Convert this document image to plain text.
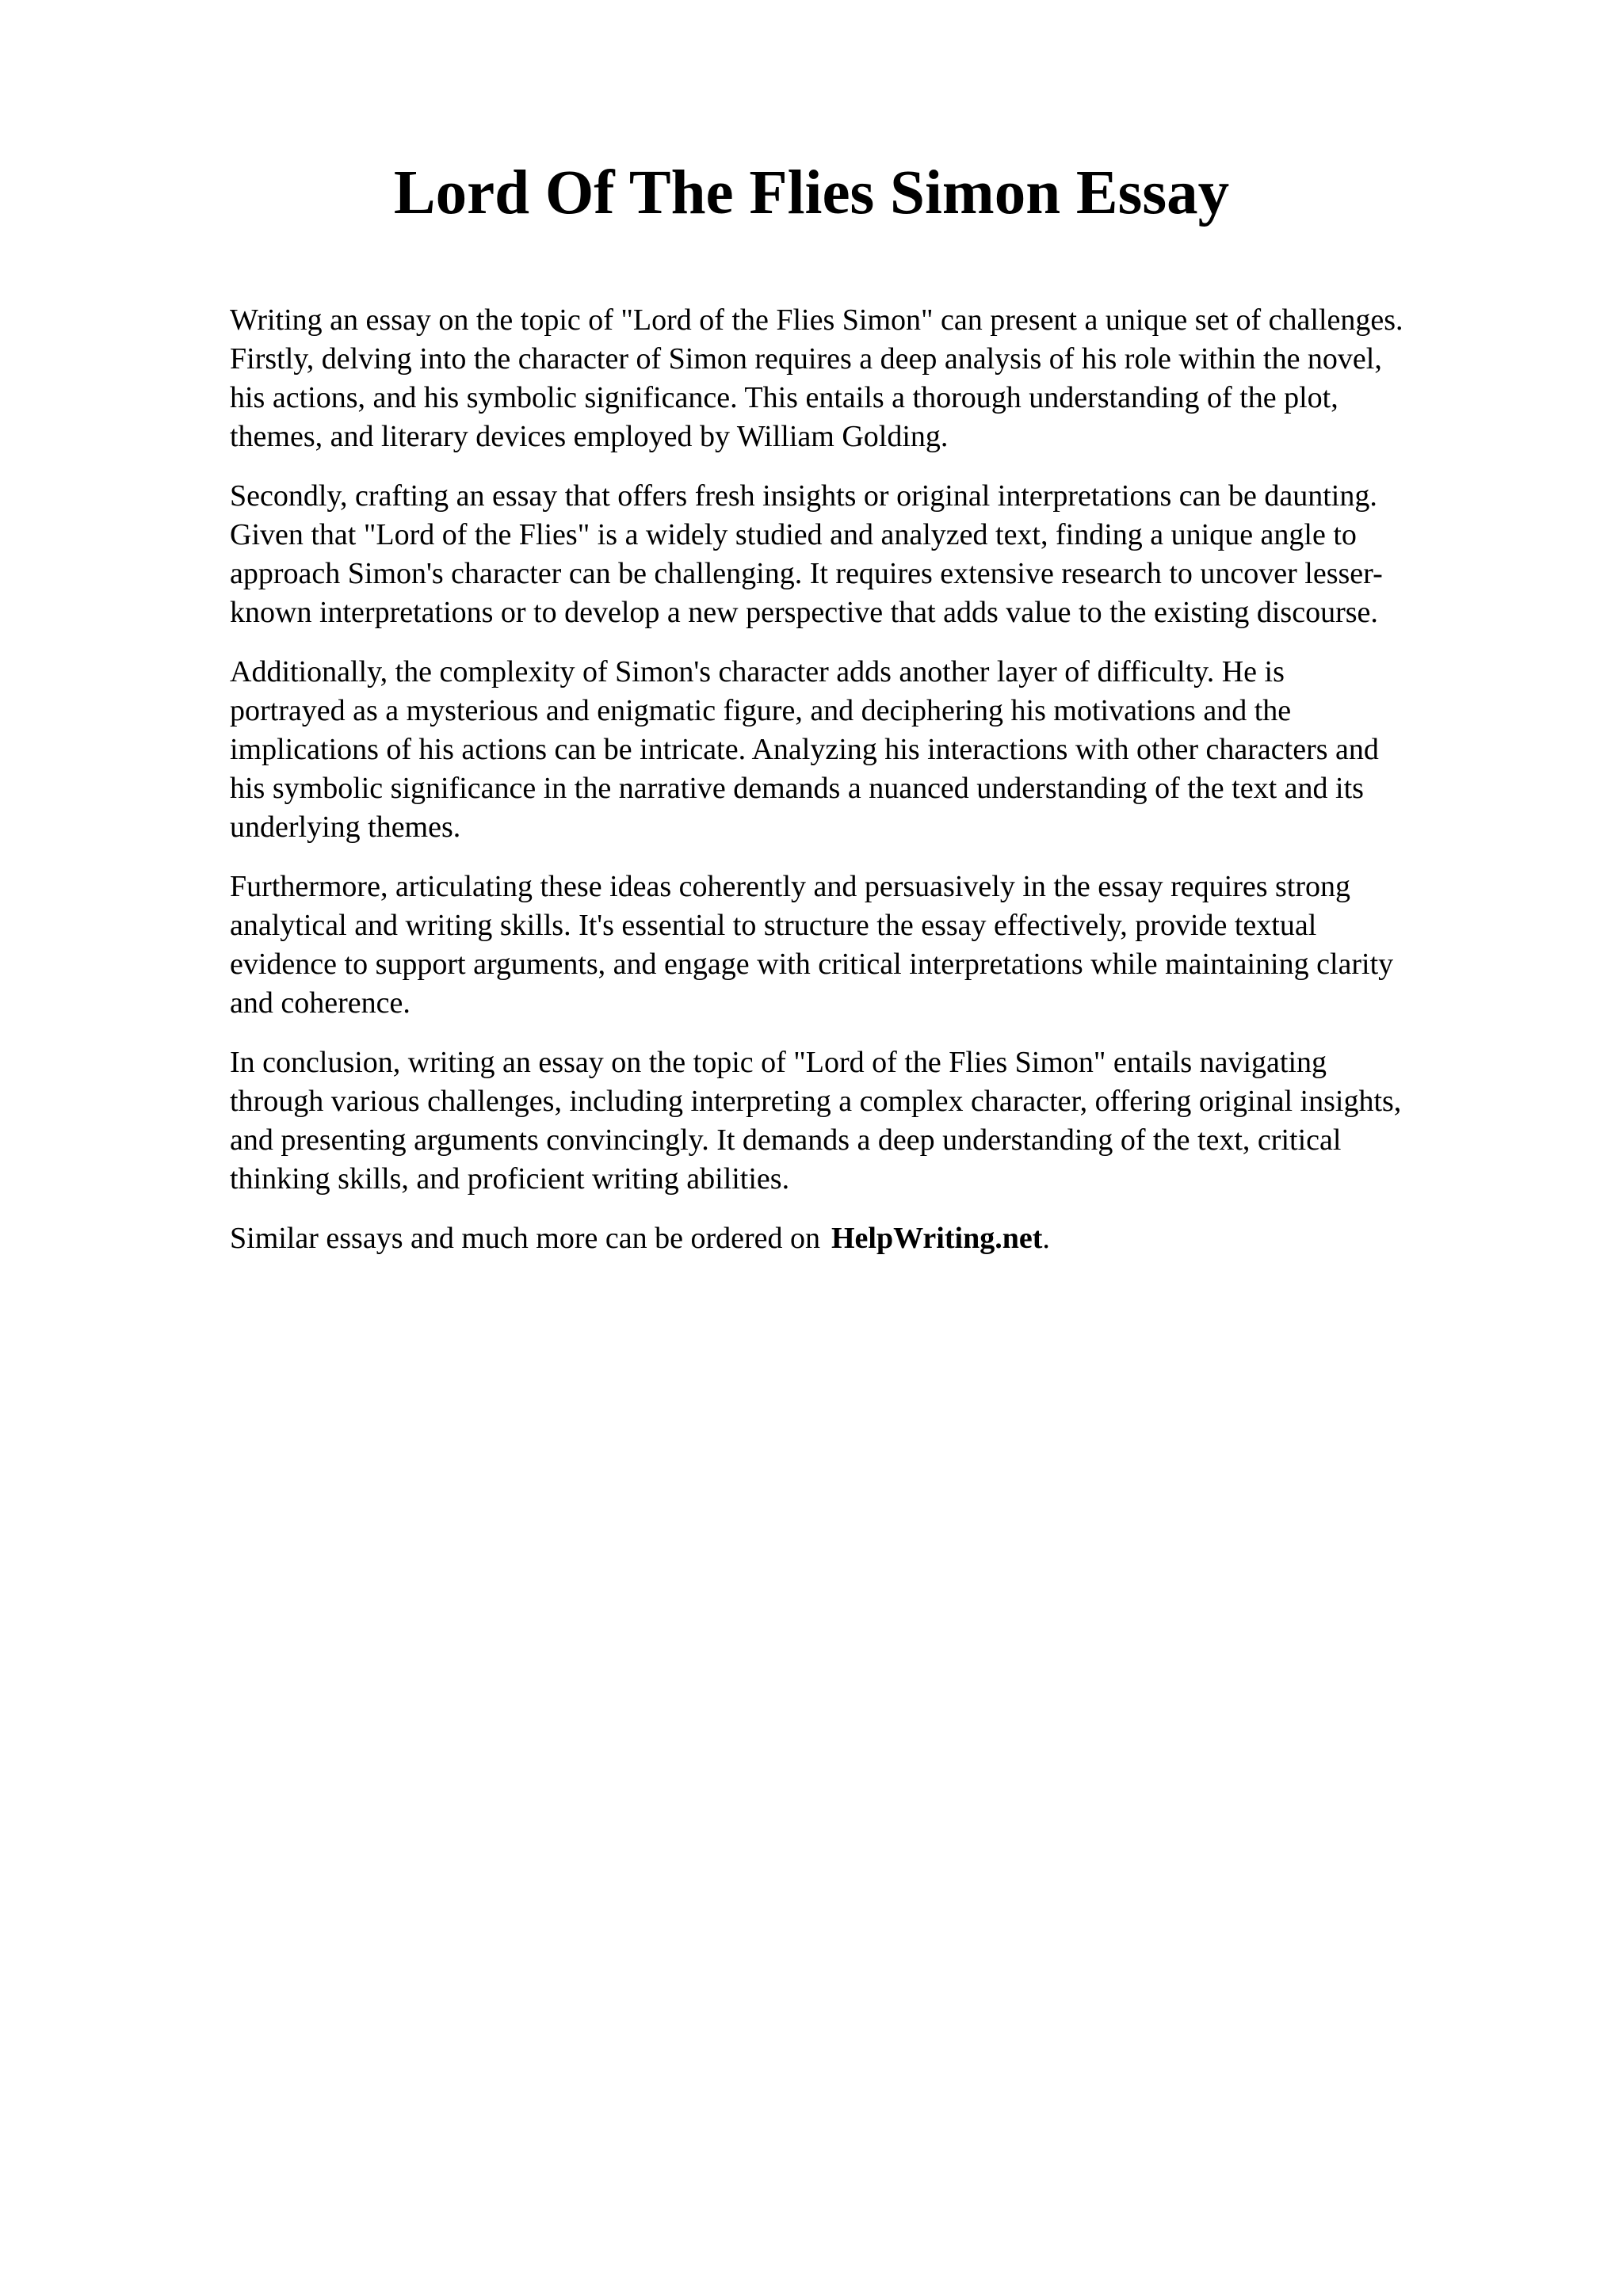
Lord Of The Flies Simon Essay

Writing an essay on the topic of "Lord of the Flies Simon" can present a unique set of challenges.
Firstly, delving into the character of Simon requires a deep analysis of his role within the novel,
his actions, and his symbolic significance. This entails a thorough understanding of the plot,
themes, and literary devices employed by William Golding.

Secondly, crafting an essay that offers fresh insights or original interpretations can be daunting.
Given that "Lord of the Flies" is a widely studied and analyzed text, finding a unique angle to
approach Simon's character can be challenging. It requires extensive research to uncover lesser-
known interpretations or to develop a new perspective that adds value to the existing discourse.

Additionally, the complexity of Simon's character adds another layer of difficulty. He is
portrayed as a mysterious and enigmatic figure, and deciphering his motivations and the
implications of his actions can be intricate. Analyzing his interactions with other characters and
his symbolic significance in the narrative demands a nuanced understanding of the text and its
underlying themes.

Furthermore, articulating these ideas coherently and persuasively in the essay requires strong
analytical and writing skills. It's essential to structure the essay effectively, provide textual
evidence to support arguments, and engage with critical interpretations while maintaining clarity
and coherence.

In conclusion, writing an essay on the topic of "Lord of the Flies Simon" entails navigating
through various challenges, including interpreting a complex character, offering original insights,
and presenting arguments convincingly. It demands a deep understanding of the text, critical
thinking skills, and proficient writing abilities.

Similar essays and much more can be ordered on HelpWriting.net.
